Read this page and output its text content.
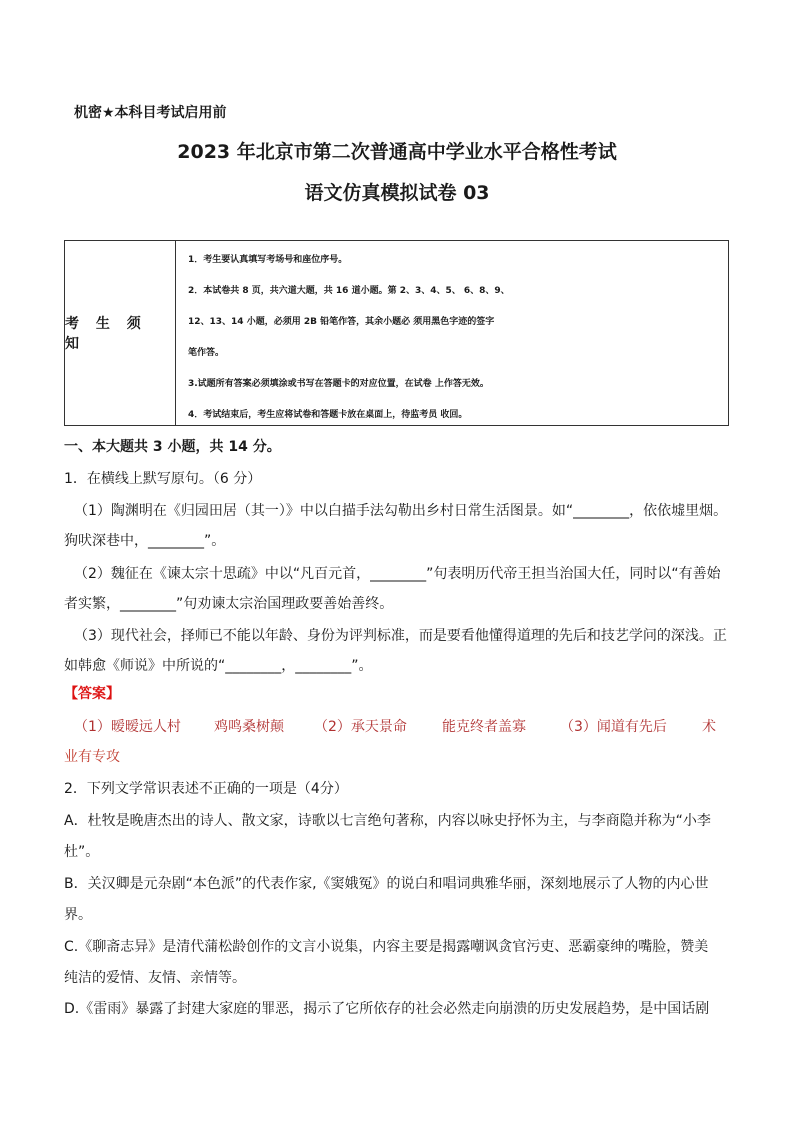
机密★本科目考试启用前
2023 年北京市第二次普通高中学业水平合格性考试
语文仿真模拟试卷 03
考 生 须 知
1．考生要认真填写考场号和座位序号。
2．本试卷共 8 页，共六道大题，共 16 道小题。第 2、3、4、5、 6、8、9、
12、13、14 小题，必须用 2B 铅笔作答，其余小题必 须用黑色字迹的签字
笔作答。
3.试题所有答案必须填涂或书写在答题卡的对应位置，在试卷 上作答无效。
4．考试结束后，考生应将试卷和答题卡放在桌面上，待监考员 收回。
一、本大题共 3 小题，共 14 分。
1．在横线上默写原句。（6 分）
（1）陶渊明在《归园田居（其一）》中以白描手法勾勒出乡村日常生活图景。如“________，依依墟里烟。
狗吠深巷中，________”。
（2）魏征在《谏太宗十思疏》中以“凡百元首，________”句表明历代帝王担当治国大任，同时以“有善始
者实繁，________”句劝谏太宗治国理政要善始善终。
（3）现代社会，择师已不能以年龄、身份为评判标准，而是要看他懂得道理的先后和技艺学问的深浅。正
如韩愈《师说》中所说的“________，________”。
【答案】
（1）暧暧远人村 鸡鸣桑树颠 （2）承天景命	能克终者盖寡 （3）闻道有先后	术
业有专攻
2．下列文学常识表述不正确的一项是（4分）
A．杜牧是晚唐杰出的诗人、散文家，诗歌以七言绝句著称，内容以咏史抒怀为主，与李商隐并称为“小李
杜”。
B．关汉卿是元杂剧“本色派”的代表作家,《窦娥冤》的说白和唱词典雅华丽，深刻地展示了人物的内心世
界。
C.《聊斋志异》是清代蒲松龄创作的文言小说集，内容主要是揭露嘲讽贪官污吏、恶霸豪绅的嘴脸，赞美
纯洁的爱情、友情、亲情等。
D.《雷雨》暴露了封建大家庭的罪恶，揭示了它所依存的社会必然走向崩溃的历史发展趋势，是中国话剧
